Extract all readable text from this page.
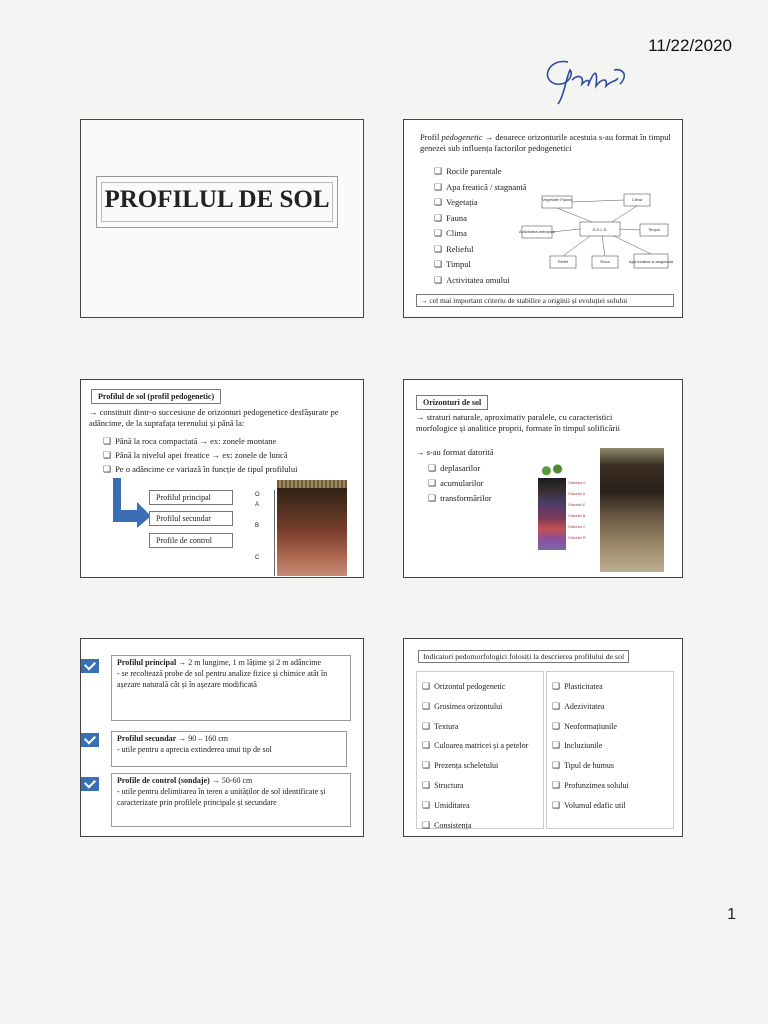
11/22/2020
PROFILUL DE SOL
Profil pedogenetic → deoarece orizonturile acestuia s-au format în timpul genezei sub influența factorilor pedogenetici
❑ Rocile parentale
❑ Apa freatică / stagnantă
❑ Vegetația
❑ Fauna
❑ Clima
❑ Relieful
❑ Timpul
❑ Activitatea omului
Vegetatie Fauna	Clima
Activitatea antropica	S.O.L.S.	Timpul
Relief	Roca	Apa freatica si stagnanta
→ cel mai important criteriu de stabilire a originii și evoluției solului
Profilul de sol (profil pedogenetic)
→ constituit dintr-o succesiune de orizonturi pedogenetice desfășurate pe adâncime, de la suprafața terenului și până la:
❑ Până la roca compactată → ex: zonele montane
❑ Până la nivelul apei freatice → ex: zonele de luncă
❑ Pe o adâncime ce variază în funcție de tipul profilului
Profilul principal
Profilul secundar
Profile de control
O
A
B
C
Orizonturi de sol
→ straturi naturale, aproximativ paralele, cu caracteristici morfologice și analitice proprii, formate în timpul solificării
→ s-au format datorită
❑ deplasarilor
❑ acumularilor
❑ transformărilor
Orizontul O
Orizontul A
Orizontul E
Orizontul B
Orizontul C
Orizontul R
Profilul principal → 2 m lungime, 1 m lățime și 2 m adâncime
- se recoltează probe de sol pentru analize fizice și chimice atât în așezare naturală cât și în așezare modificată
Profilul secundar → 90 – 160 cm
- utile pentru a aprecia extinderea unui tip de sol
Profile de control (sondaje) → 50-60 cm
- utile pentru delimitarea în teren a unităților de sol identificate și caracterizate prin profilele principale și secundare
Indicatori pedomorfologici folosiți la descrierea profilului de sol
❑ Orizontul pedogenetic
❑ Grosimea orizontului
❑ Textura
❑ Culoarea matricei și a petelor
❑ Prezența scheletului
❑ Structura
❑ Umiditatea
❑ Consistența
❑ Plasticitatea
❑ Adezivitatea
❑ Neoformațiunile
❑ Incluziunile
❑ Tipul de humus
❑ Profunzimea solului
❑ Volumul edafic util
1
